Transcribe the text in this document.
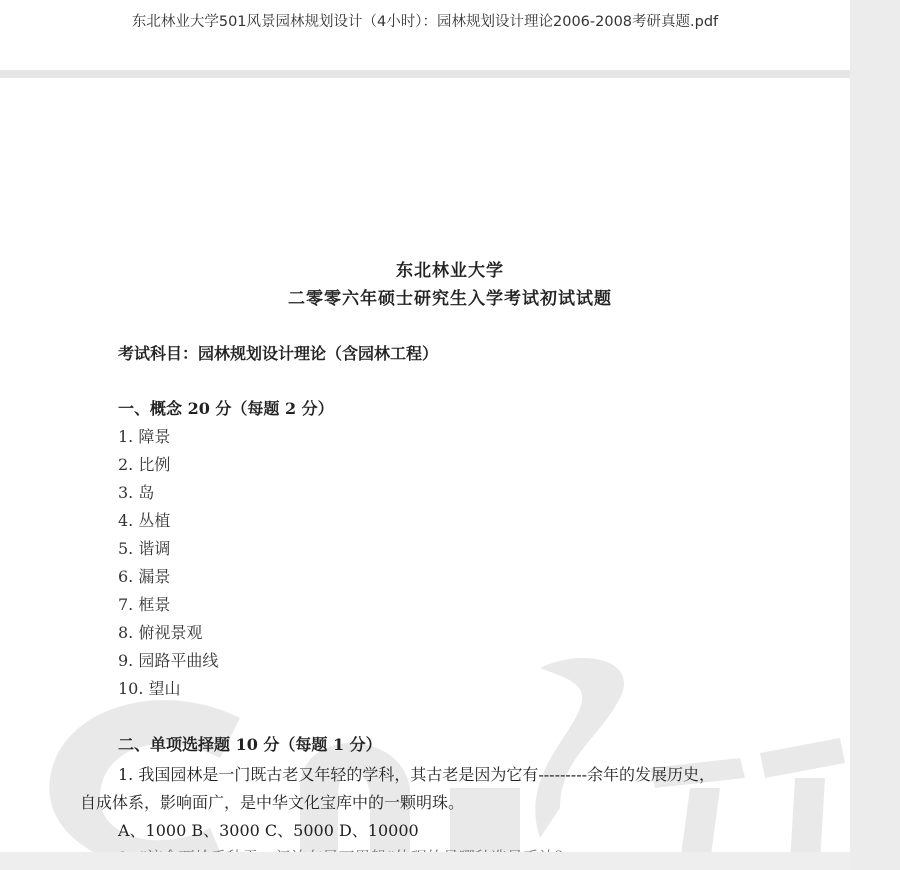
东北林业大学501风景园林规划设计（4小时）：园林规划设计理论2006-2008考研真题.pdf
东北林业大学
二零零六年硕士研究生入学考试初试试题
考试科目：园林规划设计理论（含园林工程）
一、概念 20 分（每题 2 分）
1. 障景
2. 比例
3. 岛
4. 丛植
5. 谐调
6. 漏景
7. 框景
8. 俯视景观
9. 园路平曲线
10. 望山
二、单项选择题 10 分（每题 1 分）
1. 我国园林是一门既古老又年轻的学科，其古老是因为它有---------余年的发展历史，
自成体系，影响面广，是中华文化宝库中的一颗明珠。
A、1000 B、3000 C、5000 D、10000
